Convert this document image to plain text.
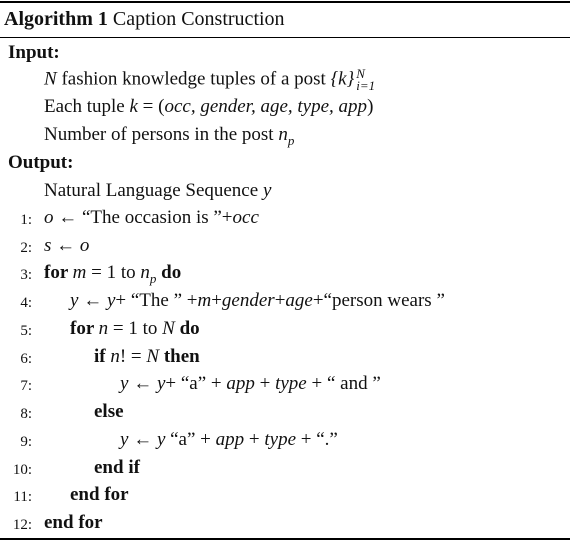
Algorithm 1 Caption Construction
Input:
N fashion knowledge tuples of a post {k} N
i=1
Each tuple k = (occ, gender, age, type, app)
Number of persons in the post $n_p$
Output:
Natural Language Sequence y
1: o ← “The occasion is ”+occ
2: s ← o
3: for m = 1 to $n_p$ do
4: y ← y+ “The ” +m+gender+age+“person wears ”
5: for n = 1 to N do
6:	if n! = N then
7:	y ← y+ “a” + app + type + “ and ”
8:	else
9:	y ← y “a” + app + type + “.”
10:	end if
11: end for
12: end for
